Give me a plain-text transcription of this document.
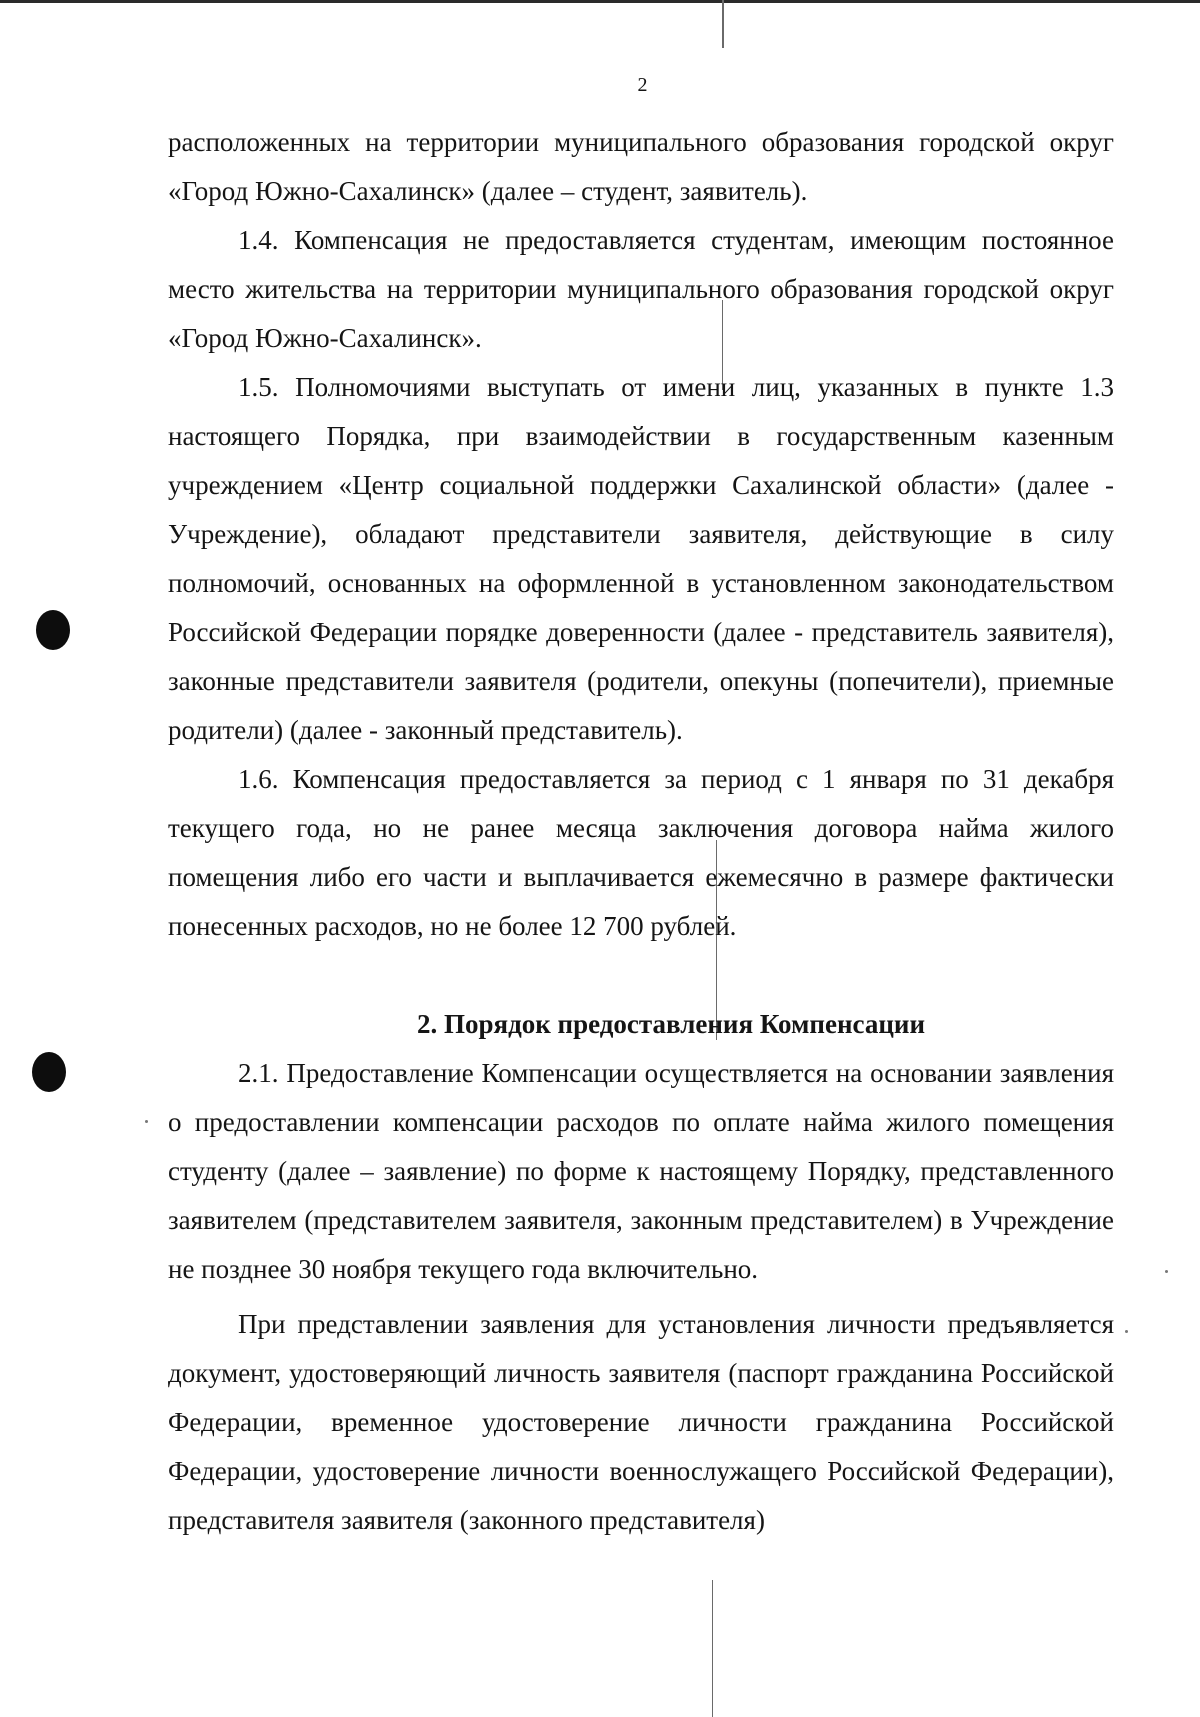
2

расположенных на территории муниципального образования городской округ «Город Южно-Сахалинск» (далее – студент, заявитель).

1.4. Компенсация не предоставляется студентам, имеющим постоянное место жительства на территории муниципального образования городской округ «Город Южно-Сахалинск».

1.5. Полномочиями выступать от имени лиц, указанных в пункте 1.3 настоящего Порядка, при взаимодействии в государственным казенным учреждением «Центр социальной поддержки Сахалинской области» (далее - Учреждение), обладают представители заявителя, действующие в силу полномочий, основанных на оформленной в установленном законодательством Российской Федерации порядке доверенности (далее - представитель заявителя), законные представители заявителя (родители, опекуны (попечители), приемные родители) (далее - законный представитель).

1.6. Компенсация предоставляется за период с 1 января по 31 декабря текущего года, но не ранее месяца заключения договора найма жилого помещения либо его части и выплачивается ежемесячно в размере фактически понесенных расходов, но не более 12 700 рублей.

2. Порядок предоставления Компенсации

2.1. Предоставление Компенсации осуществляется на основании заявления о предоставлении компенсации расходов по оплате найма жилого помещения студенту (далее – заявление) по форме к настоящему Порядку, представленного заявителем (представителем заявителя, законным представителем) в Учреждение не позднее 30 ноября текущего года включительно.

При представлении заявления для установления личности предъявляется документ, удостоверяющий личность заявителя (паспорт гражданина Российской Федерации, временное удостоверение личности гражданина Российской Федерации, удостоверение личности военнослужащего Российской Федерации), представителя заявителя (законного представителя)
